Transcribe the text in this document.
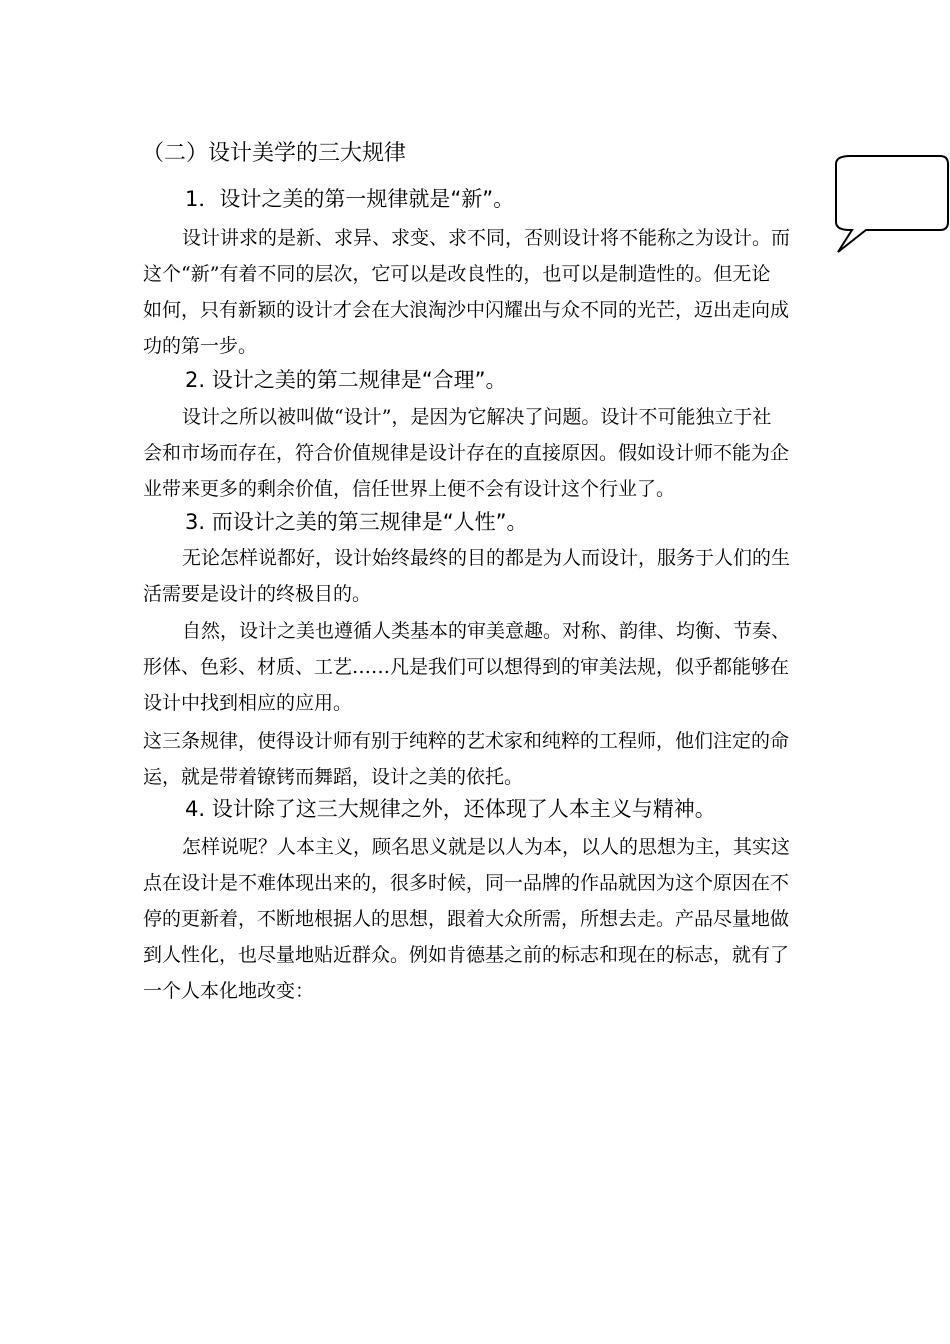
（二）设计美学的三大规律
1．设计之美的第一规律就是“新”。
设计讲求的是新、求异、求变、求不同，否则设计将不能称之为设计。而
这个“新”有着不同的层次，它可以是改良性的，也可以是制造性的。但无论
如何，只有新颖的设计才会在大浪淘沙中闪耀出与众不同的光芒，迈出走向成
功的第一步。
2. 设计之美的第二规律是“合理”。
设计之所以被叫做“设计”，是因为它解决了问题。设计不可能独立于社
会和市场而存在，符合价值规律是设计存在的直接原因。假如设计师不能为企
业带来更多的剩余价值，信任世界上便不会有设计这个行业了。
3. 而设计之美的第三规律是“人性”。
无论怎样说都好，设计始终最终的目的都是为人而设计，服务于人们的生
活需要是设计的终极目的。
自然，设计之美也遵循人类基本的审美意趣。对称、韵律、均衡、节奏、
形体、色彩、材质、工艺……凡是我们可以想得到的审美法规，似乎都能够在
设计中找到相应的应用。
这三条规律，使得设计师有别于纯粹的艺术家和纯粹的工程师，他们注定的命
运，就是带着镣铐而舞蹈，设计之美的依托。
4. 设计除了这三大规律之外，还体现了人本主义与精神。
怎样说呢？人本主义，顾名思义就是以人为本，以人的思想为主，其实这
点在设计是不难体现出来的，很多时候，同一品牌的作品就因为这个原因在不
停的更新着，不断地根据人的思想，跟着大众所需，所想去走。产品尽量地做
到人性化，也尽量地贴近群众。例如肯德基之前的标志和现在的标志，就有了
一个人本化地改变：
